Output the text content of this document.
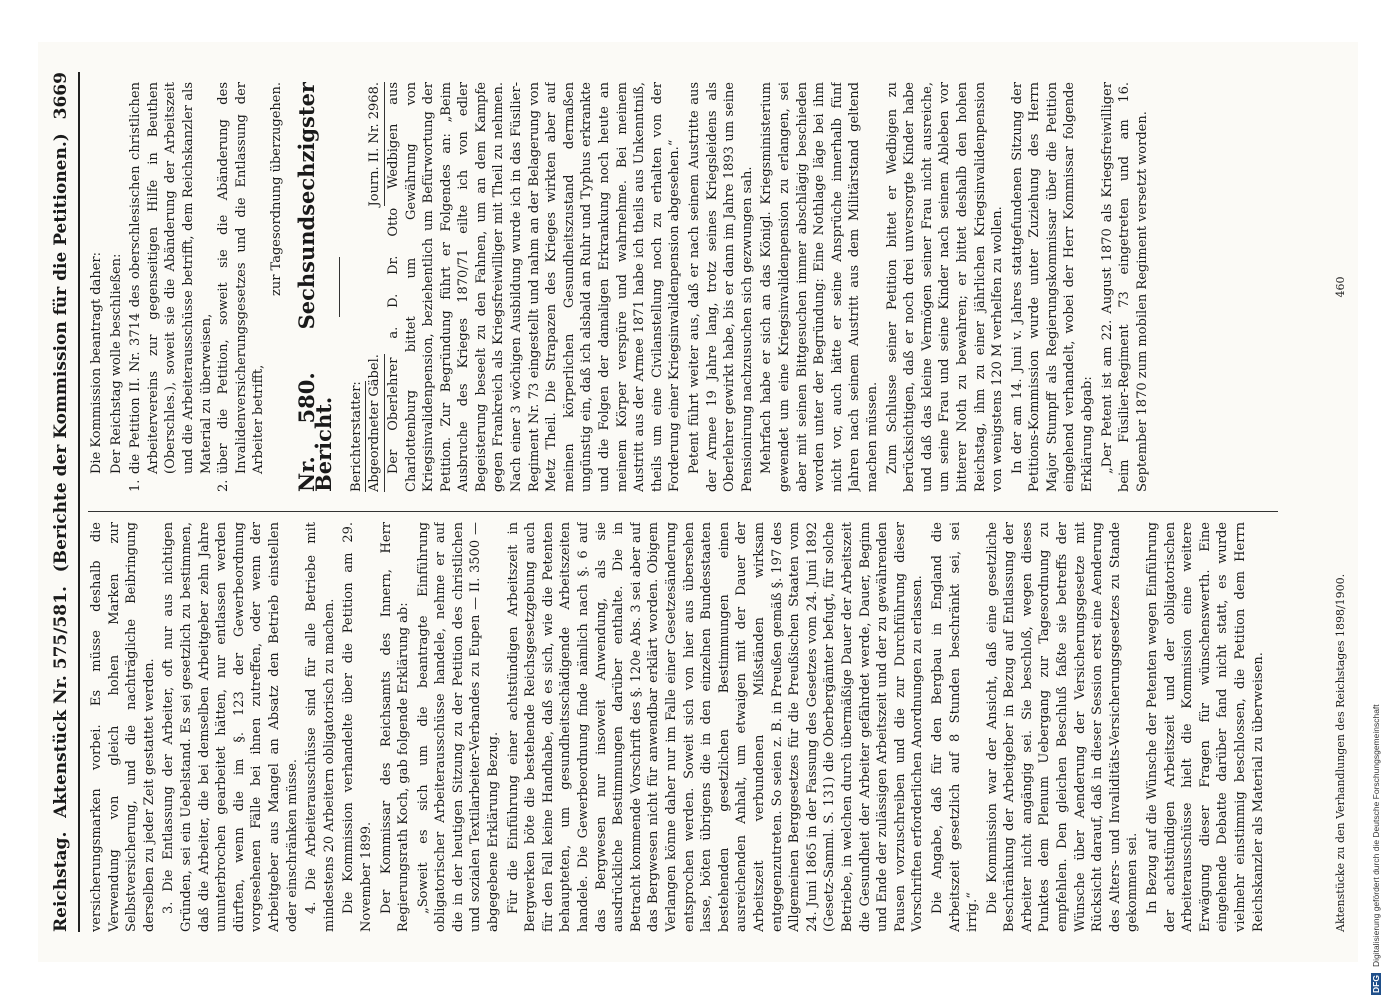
Reichstag.
Aktenstück Nr. 575/581.
(Berichte der Kommission für die Petitionen.)
3669

versicherungsmarken vorbei. Es müsse deshalb die Verwendung von gleich hohen Marken zur Selbstversicherung, und die nachträgliche Beibringung derselben zu jeder Zeit gestattet werden. 3. Die Entlassung der Arbeiter, oft nur aus nichtigen Gründen, sei ein Uebelstand. Es sei gesetzlich zu bestimmen, daß die Arbeiter, die bei demselben Arbeitgeber zehn Jahre ununterbrochen gearbeitet hätten, nur entlassen werden dürften, wenn die im §. 123 der Gewerbeordnung vorgesehenen Fälle bei ihnen zutreffen, oder wenn der Arbeitgeber aus Mangel an Absatz den Betrieb einstellen oder einschränken müsse. 4. Die Arbeiterausschüsse sind für alle Betriebe mit mindestens 20 Arbeitern obligatorisch zu machen. Die Kommission verhandelte über die Petition am 29. November 1899. Der Kommissar des Reichsamts des Innern, Herr Regierungsrath Koch, gab folgende Erklärung ab: „Soweit es sich um die beantragte Einführung obligatorischer Arbeiterausschüsse handele, nehme er auf die in der heutigen Sitzung zu der Petition des christlichen und sozialen Textilarbeiter-Verbandes zu Eupen — II. 3500 — abgegebene Erklärung Bezug. Für die Einführung einer achtstündigen Arbeitszeit in Bergwerken böte die bestehende Reichsgesetzgebung auch für den Fall keine Handhabe, daß es sich, wie die Petenten behaupteten, um gesundheitsschädigende Arbeitszeiten handele. Die Gewerbeordnung finde nämlich nach §. 6 auf das Bergwesen nur insoweit Anwendung, als sie ausdrückliche Bestimmungen darüber enthalte. Die in Betracht kommende Vorschrift des §. 120e Abs. 3 sei aber auf das Bergwesen nicht für anwendbar erklärt worden. Obigem Verlangen könne daher nur im Falle einer Gesetzesänderung entsprochen werden. Soweit sich von hier aus übersehen lasse, böten übrigens die in den einzelnen Bundesstaaten bestehenden gesetzlichen Bestimmungen einen ausreichenden Anhalt, um etwaigen mit der Dauer der Arbeitszeit verbundenen Mißständen wirksam entgegenzutreten. So seien z. B. in Preußen gemäß §. 197 des Allgemeinen Berggesetzes für die Preußischen Staaten vom 24. Juni 1865 in der Fassung des Gesetzes vom 24. Juni 1892 (Gesetz-Samml. S. 131) die Oberbergämter befugt, für solche Betriebe, in welchen durch übermäßige Dauer der Arbeitszeit die Gesundheit der Arbeiter gefährdet werde, Dauer, Beginn und Ende der zulässigen Arbeitszeit und der zu gewährenden Pausen vorzuschreiben und die zur Durchführung dieser Vorschriften erforderlichen Anordnungen zu erlassen. Die Angabe, daß für den Bergbau in England die Arbeitszeit gesetzlich auf 8 Stunden beschränkt sei, sei irrig.“ Die Kommission war der Ansicht, daß eine gesetzliche Beschränkung der Arbeitgeber in Bezug auf Entlassung der Arbeiter nicht angängig sei. Sie beschloß, wegen dieses Punktes dem Plenum Uebergang zur Tagesordnung zu empfehlen. Den gleichen Beschluß faßte sie betreffs der Wünsche über Aenderung der Versicherungsgesetze mit Rücksicht darauf, daß in dieser Session erst eine Aenderung des Alters- und Invaliditäts-Versicherungsgesetzes zu Stande gekommen sei. In Bezug auf die Wünsche der Petenten wegen Einführung der achtstündigen Arbeitszeit und der obligatorischen Arbeiterausschüsse hielt die Kommission eine weitere Erwägung dieser Fragen für wünschenswerth. Eine eingehende Debatte darüber fand nicht statt, es wurde vielmehr einstimmig beschlossen, die Petition dem Herrn Reichskanzler als Material zu überweisen.

Die Kommission beantragt daher: Der Reichstag wolle beschließen:

1.
die Petition II. Nr. 3714 des oberschlesischen christlichen Arbeitervereins zur gegenseitigen Hilfe in Beuthen (Oberschles.), soweit sie die Abänderung der Arbeitszeit und die Arbeiterausschüsse betrifft, dem Reichskanzler als Material zu überweisen,
2.
über die Petition, soweit sie die Abänderung des Invalidenversicherungsgesetzes und die Entlassung der Arbeiter betrifft,

zur Tagesordnung überzugehen.

Nr. 580. Sechsundsechzigster Bericht. Berichterstatter: Abgeordneter Gäbel.
Journ. II. Nr. 2968. Der Oberlehrer a. D. Dr. Otto Wedbigen aus Charlottenburg bittet um Gewährung von Kriegsinvalidenpension, beziehentlich um Befürwortung der Petition. Zur Begründung führt er Folgendes an: „Beim Ausbruche des Krieges 1870/71 eilte ich von edler Begeisterung beseelt zu den Fahnen, um an dem Kampfe gegen Frankreich als Kriegsfreiwilliger mit Theil zu nehmen. Nach einer 3 wöchigen Ausbildung wurde ich in das Füsilier-Regiment Nr. 73 eingestellt und nahm an der Belagerung von Metz Theil. Die Strapazen des Krieges wirkten aber auf meinen körperlichen Gesundheitszustand dermaßen ungünstig ein, daß ich alsbald an Ruhr und Typhus erkrankte und die Folgen der damaligen Erkrankung noch heute an meinem Körper verspüre und wahrnehme. Bei meinem Austritt aus der Armee 1871 habe ich theils aus Unkenntniß, theils um eine Civilanstellung noch zu erhalten von der Forderung einer Kriegsinvalidenpension abgesehen.“ Petent führt weiter aus, daß er nach seinem Austritte aus der Armee 19 Jahre lang, trotz seines Kriegsleidens als Oberlehrer gewirkt habe, bis er dann im Jahre 1893 um seine Pensionirung nachzusuchen sich gezwungen sah. Mehrfach habe er sich an das Königl. Kriegsministerium gewendet um eine Kriegsinvalidenpension zu erlangen, sei aber mit seinen Bittgesuchen immer abschlägig beschieden worden unter der Begründung: Eine Nothlage läge bei ihm nicht vor, auch hätte er seine Ansprüche innerhalb fünf Jahren nach seinem Austritt aus dem Militärstand geltend machen müssen. Zum Schlusse seiner Petition bittet er Wedbigen zu berücksichtigen, daß er noch drei unversorgte Kinder habe und daß das kleine Vermögen seiner Frau nicht ausreiche, um seine Frau und seine Kinder nach seinem Ableben vor bitterer Noth zu bewahren; er bittet deshalb den hohen Reichstag, ihm zu einer jährlichen Kriegsinvalidenpension von wenigstens 120 M verhelfen zu wollen. In der am 14. Juni v. Jahres stattgefundenen Sitzung der Petitions-Kommission wurde unter Zuziehung des Herrn Major Stumpff als Regierungskommissar über die Petition eingehend verhandelt, wobei der Herr Kommissar folgende Erklärung abgab: „Der Petent ist am 22. August 1870 als Kriegsfreiwilliger beim Füsilier-Regiment 73 eingetreten und am 16. September 1870 zum mobilen Regiment versetzt worden.

Aktenstücke zu den Verhandlungen des Reichstages 1898/1900.
460
DFGDigitalisierung gefördert durch die Deutsche Forschungsgemeinschaft
